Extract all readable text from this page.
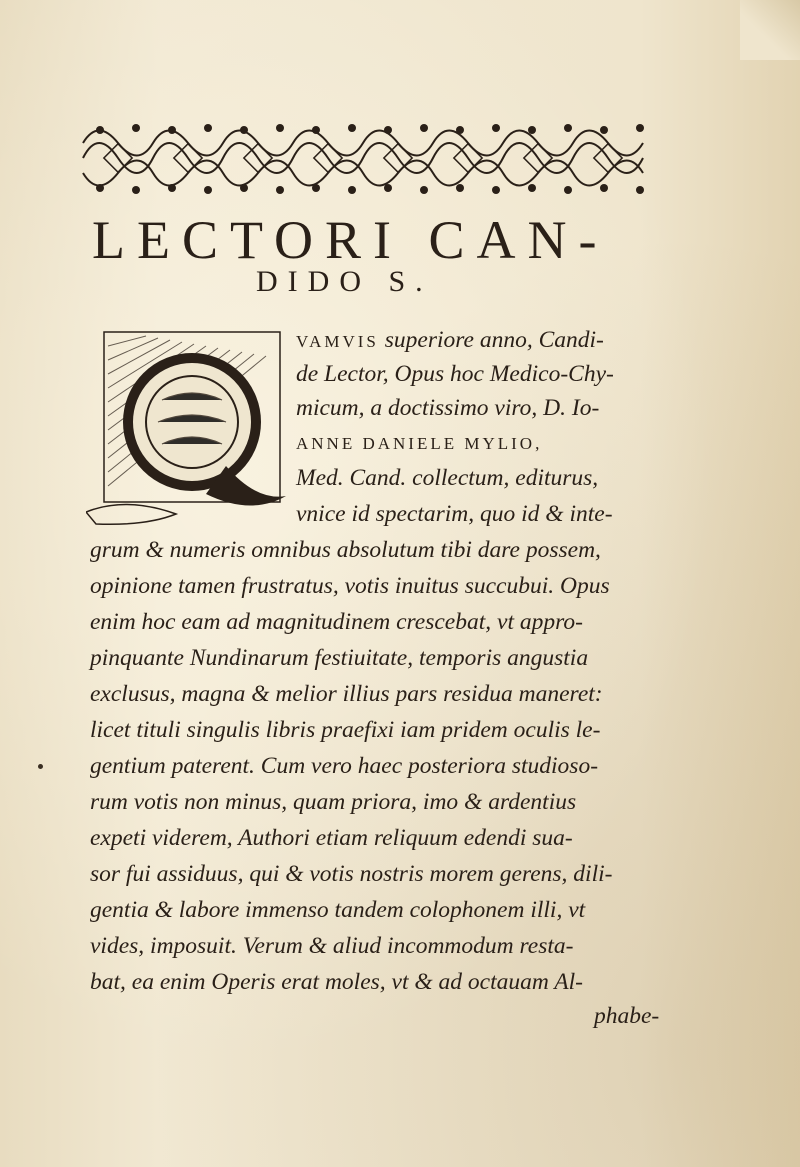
LECTORI CAN-
DIDO S.
VAMVIS superiore anno, Candi-
de Lector, Opus hoc Medico-Chy-
micum, a doctissimo viro, D. Io-
ANNE DANIELE MYLIO,
Med. Cand. collectum, editurus,
vnice id spectarim, quo id & inte-
grum & numeris omnibus absolutum tibi dare possem,
opinione tamen frustratus, votis inuitus succubui. Opus
enim hoc eam ad magnitudinem crescebat, vt appro-
pinquante Nundinarum festiuitate, temporis angustia
exclusus, magna & melior illius pars residua maneret:
licet tituli singulis libris praefixi iam pridem oculis le-
gentium paterent. Cum vero haec posteriora studioso-
rum votis non minus, quam priora, imo & ardentius
expeti viderem, Authori etiam reliquum edendi sua-
sor fui assiduus, qui & votis nostris morem gerens, dili-
gentia & labore immenso tandem colophonem illi, vt
vides, imposuit. Verum & aliud incommodum resta-
bat, ea enim Operis erat moles, vt & ad octauam Al-
phabe-
